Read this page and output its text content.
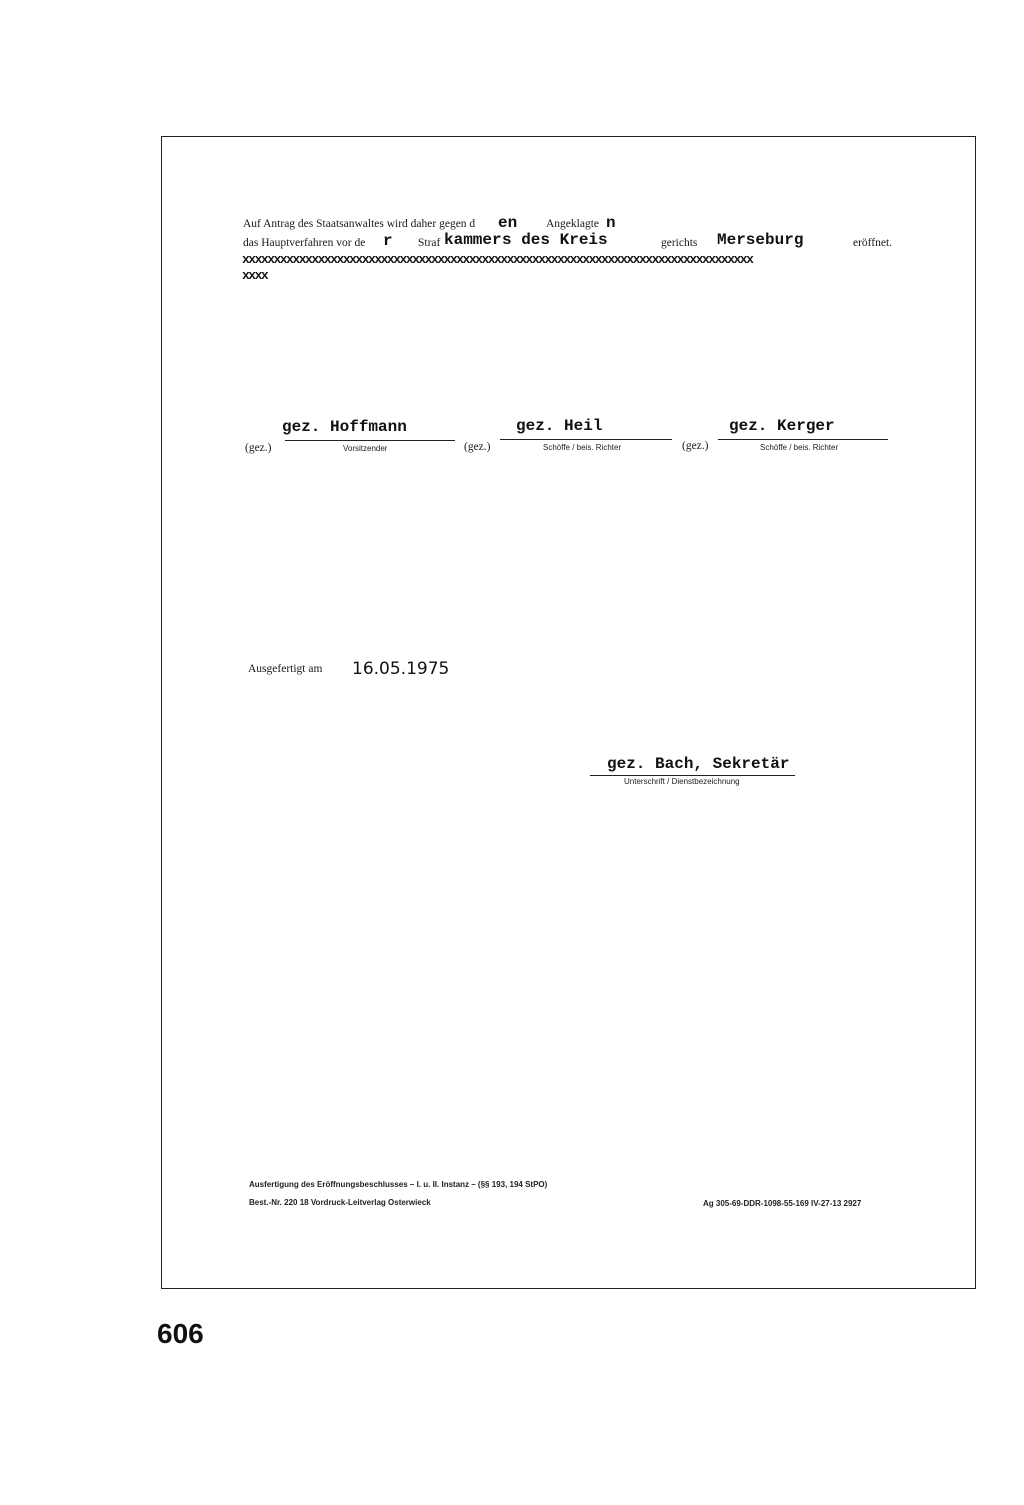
Auf Antrag des Staatsanwaltes wird daher gegen d en	Angeklagte n
das Hauptverfahren vor de r Straf kammer s des Kreis	gerichts Merseburg	eröffnet.
xxxxxxxxxxxxxxxxxxxxxxxxxxxxxxxxxxxxxxxxxxxxxxxxxxxxxxxxxxxxxxxxxxxxxxxxxxxxxxxxx
xxxx
(gez.)
gez. Hoffmann
Vorsitzender	(gez.)
gez. Heil
Schöffe / beis. Richter	(gez.)
gez. Kerger
Schöffe / beis. Richter
Ausgefertigt am 16.05.1975
gez. Bach, Sekretär
Unterschrift / Dienstbezeichnung
Ausfertigung des Eröffnungsbeschlusses – I. u. II. Instanz – (§§ 193, 194 StPO)
Best.-Nr. 220 18 Vordruck-Leitverlag Osterwieck	Ag 305-69-DDR-1098-55-169 IV-27-13 2927
606
